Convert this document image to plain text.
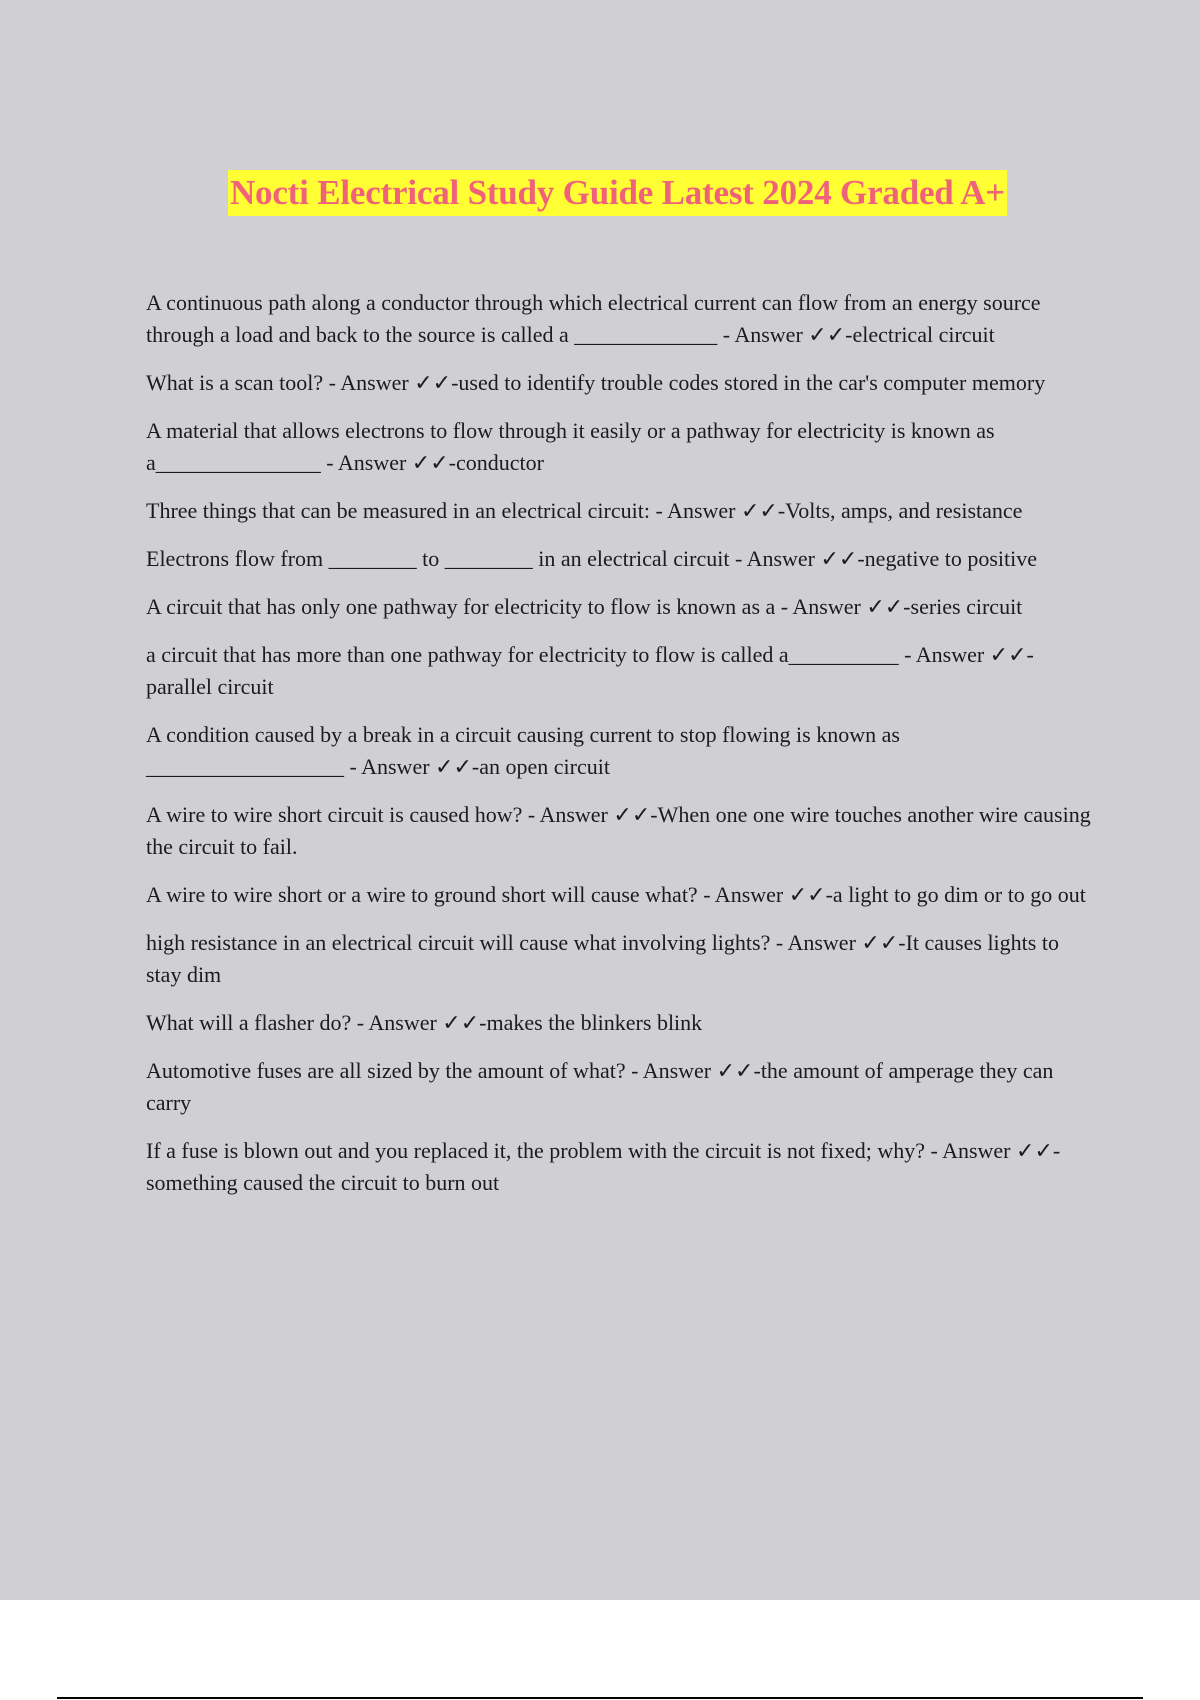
Nocti Electrical Study Guide Latest 2024 Graded A+

A continuous path along a conductor through which electrical current can flow from an energy source through a load and back to the source is called a _____________ - Answer ✓✓-electrical circuit

What is a scan tool? - Answer ✓✓-used to identify trouble codes stored in the car's computer memory

A material that allows electrons to flow through it easily or a pathway for electricity is known as a_______________ - Answer ✓✓-conductor

Three things that can be measured in an electrical circuit: - Answer ✓✓-Volts, amps, and resistance

Electrons flow from ________ to ________ in an electrical circuit - Answer ✓✓-negative to positive

A circuit that has only one pathway for electricity to flow is known as a - Answer ✓✓-series circuit

a circuit that has more than one pathway for electricity to flow is called a__________ - Answer ✓✓-parallel circuit

A condition caused by a break in a circuit causing current to stop flowing is known as __________________ - Answer ✓✓-an open circuit

A wire to wire short circuit is caused how? - Answer ✓✓-When one one wire touches another wire causing the circuit to fail.

A wire to wire short or a wire to ground short will cause what? - Answer ✓✓-a light to go dim or to go out

high resistance in an electrical circuit will cause what involving lights? - Answer ✓✓-It causes lights to stay dim

What will a flasher do? - Answer ✓✓-makes the blinkers blink

Automotive fuses are all sized by the amount of what? - Answer ✓✓-the amount of amperage they can carry

If a fuse is blown out and you replaced it, the problem with the circuit is not fixed; why? - Answer ✓✓-something caused the circuit to burn out
